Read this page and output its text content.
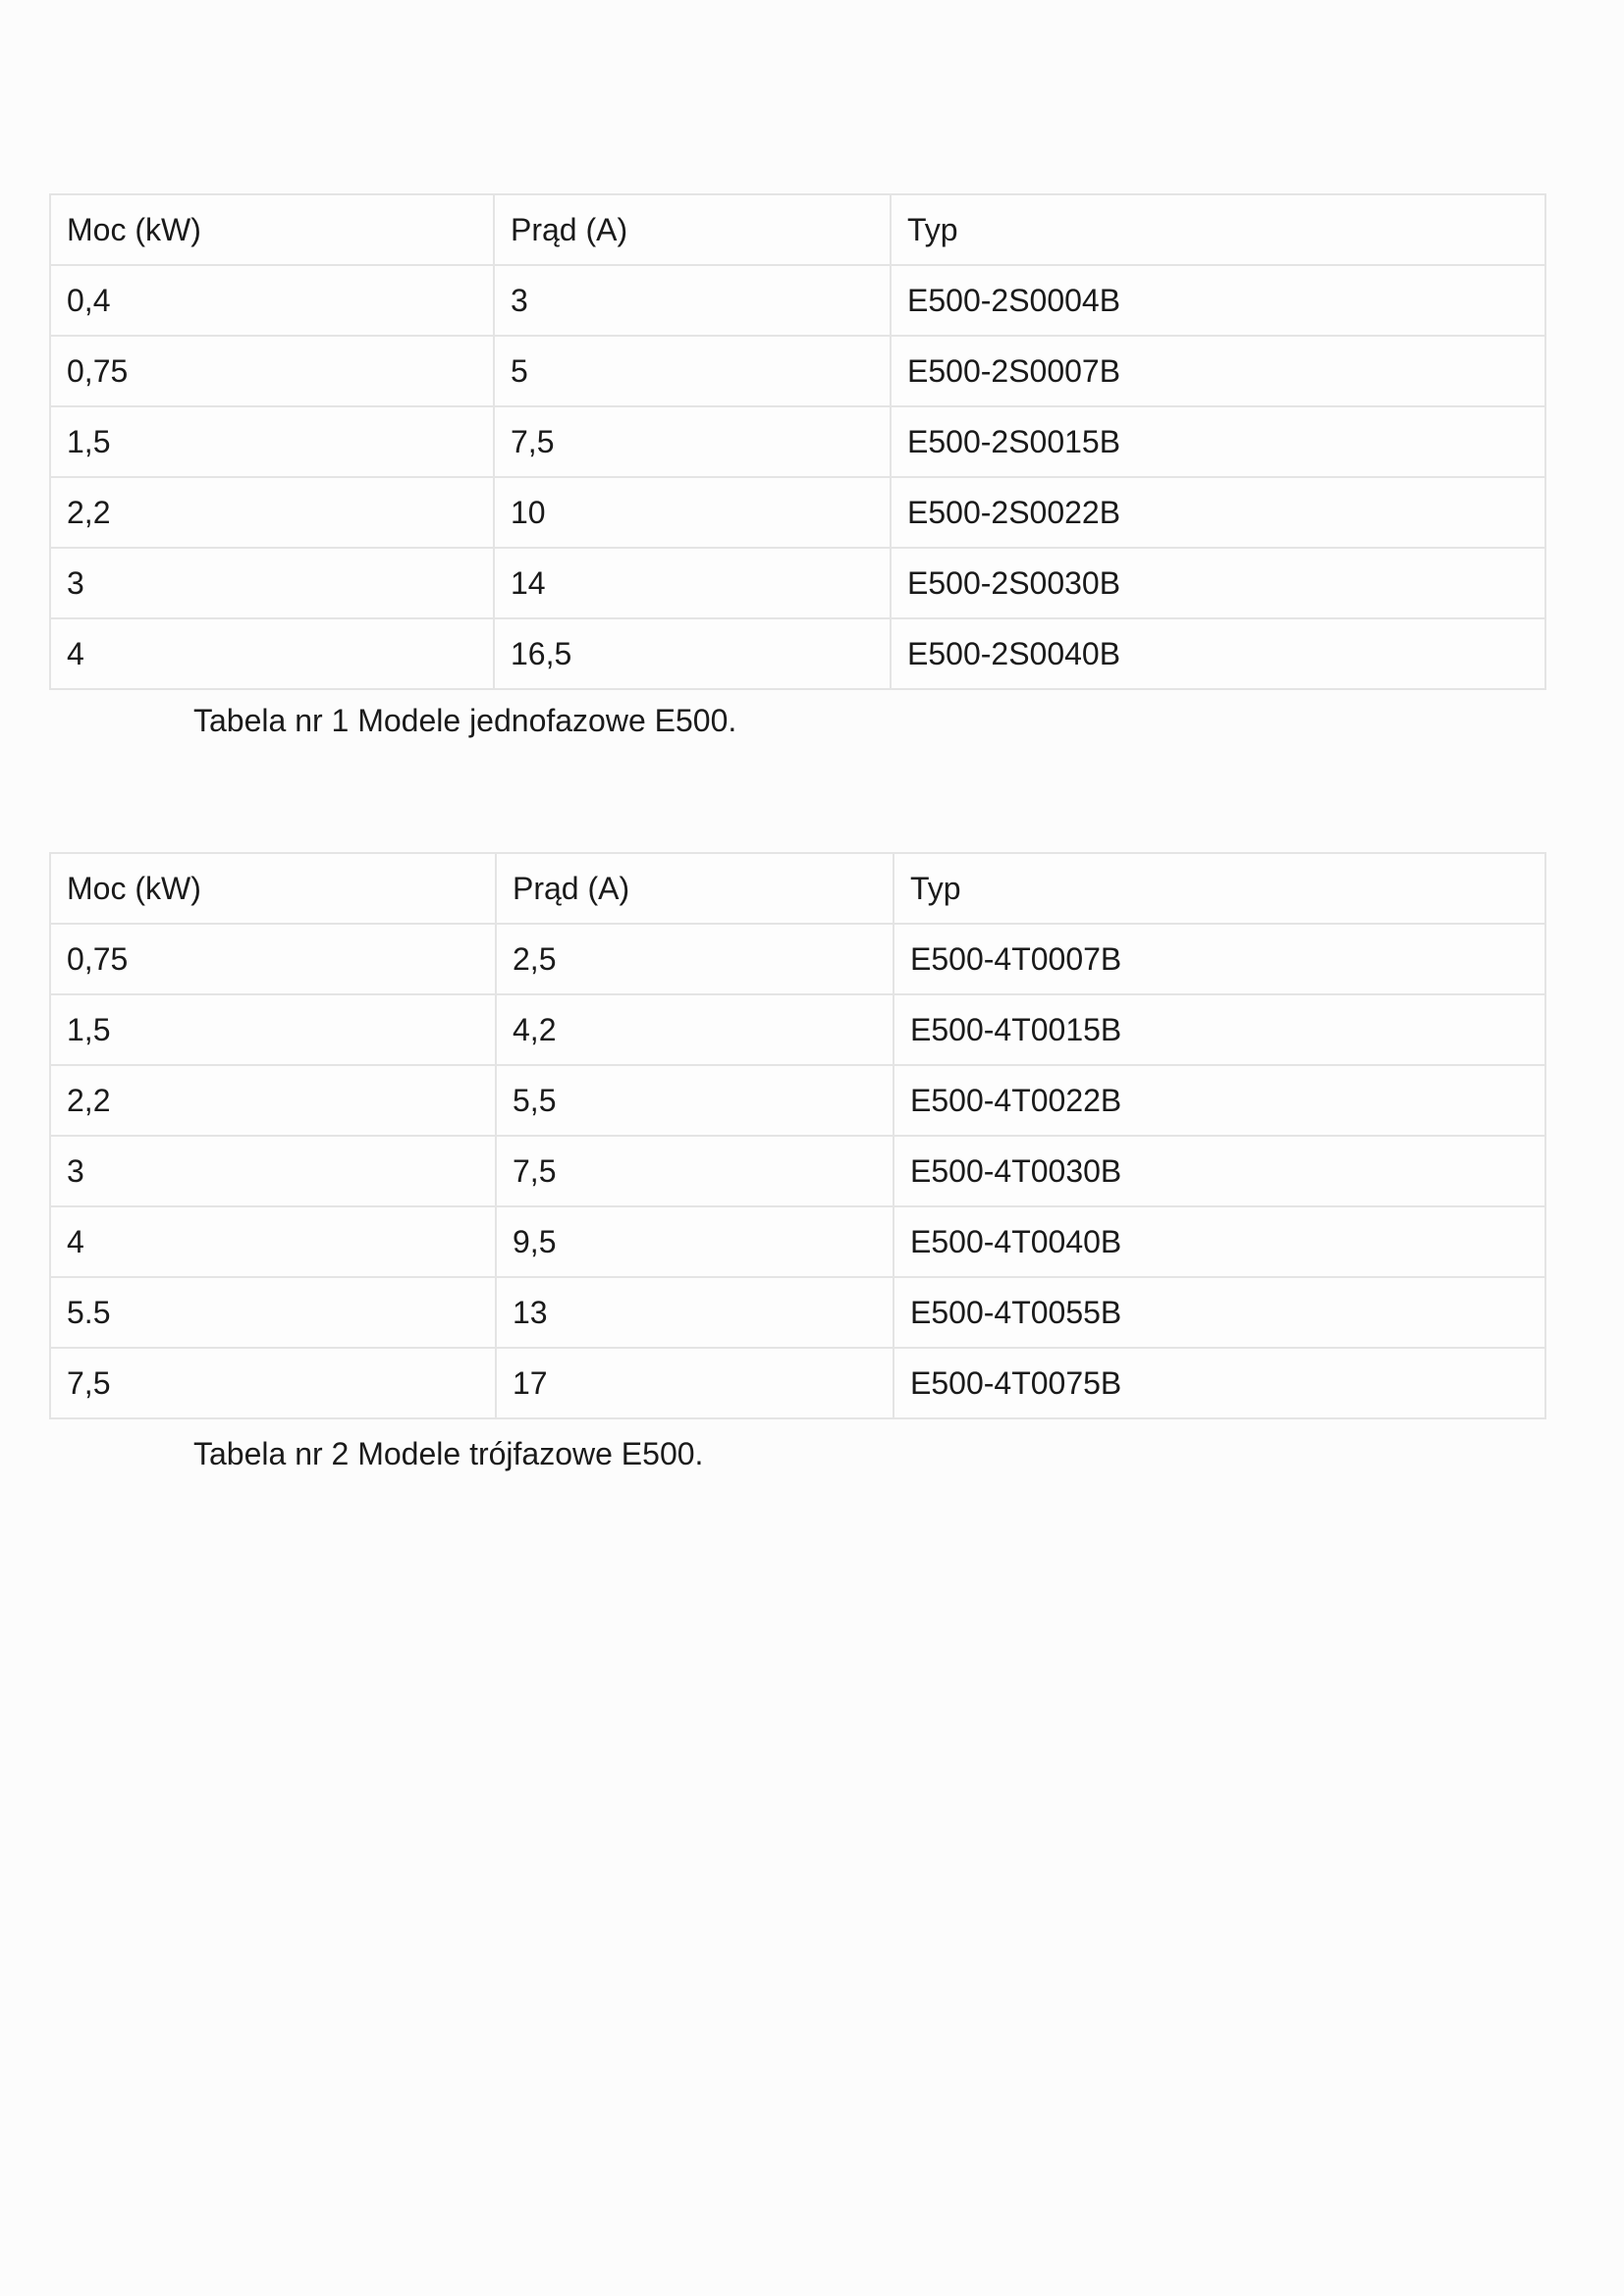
Moc (kW)	Prąd (A)	Typ
0,4	3	E500-2S0004B
0,75	5	E500-2S0007B
1,5	7,5	E500-2S0015B
2,2	10	E500-2S0022B
3	14	E500-2S0030B
4	16,5	E500-2S0040B
Tabela nr 1 Modele jednofazowe E500.
Moc (kW)	Prąd (A)	Typ
0,75	2,5	E500-4T0007B
1,5	4,2	E500-4T0015B
2,2	5,5	E500-4T0022B
3	7,5	E500-4T0030B
4	9,5	E500-4T0040B
5.5	13	E500-4T0055B
7,5	17	E500-4T0075B
Tabela nr 2 Modele trójfazowe E500.
